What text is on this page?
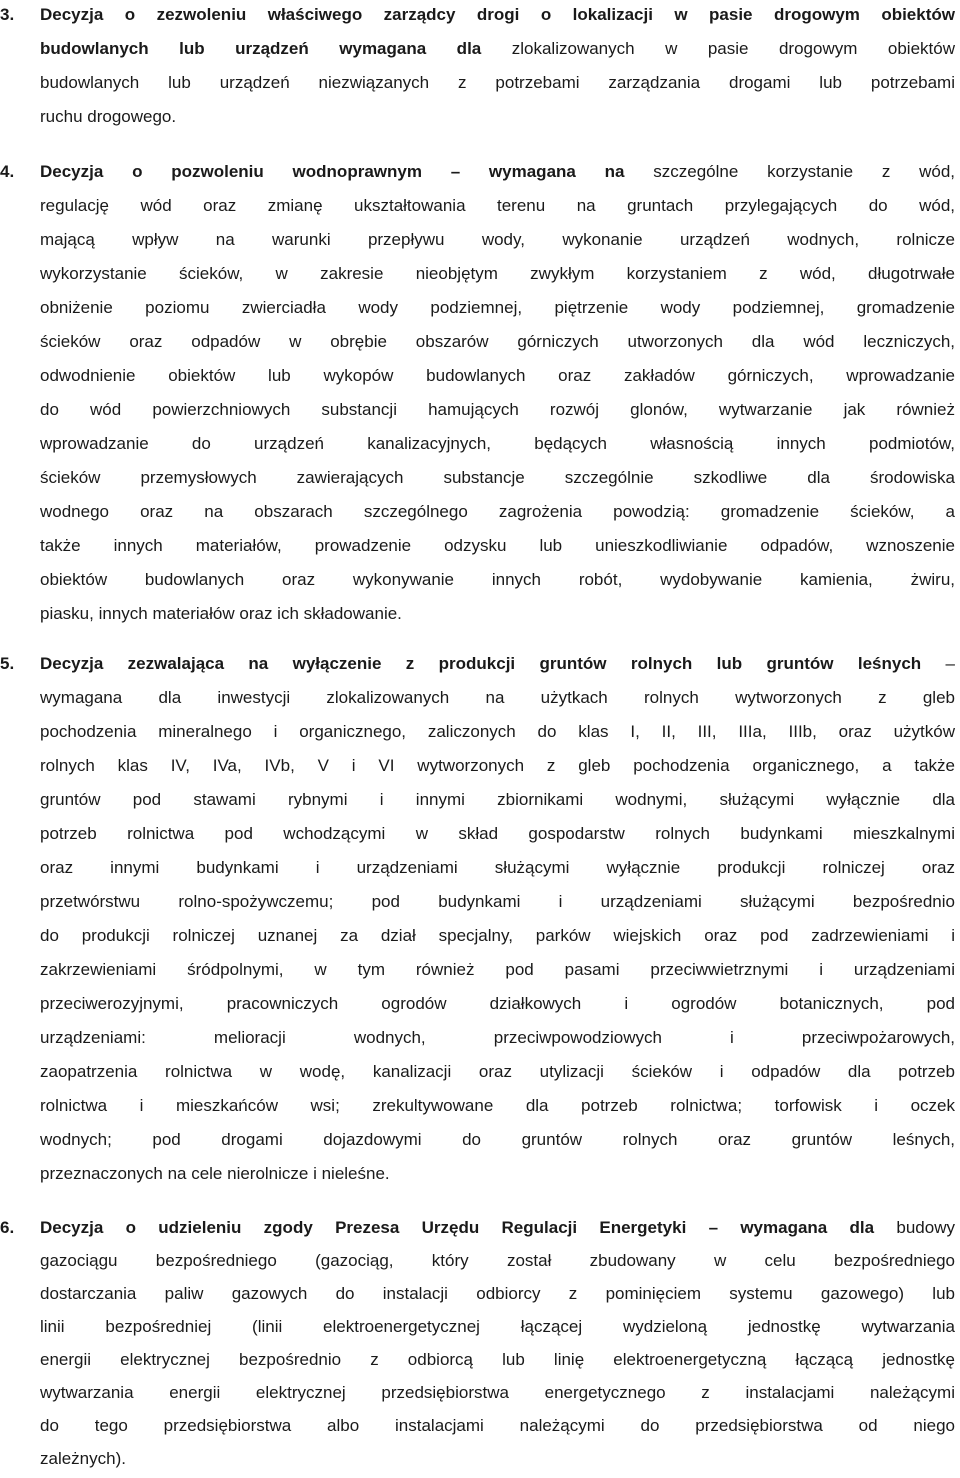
3. Decyzja o zezwoleniu właściwego zarządcy drogi o lokalizacji w pasie drogowym obiektów
budowlanych lub urządzeń wymagana dla zlokalizowanych w pasie drogowym obiektów
budowlanych lub urządzeń niezwiązanych z potrzebami zarządzania drogami lub potrzebami
ruchu drogowego.
4. Decyzja o pozwoleniu wodnoprawnym – wymagana na szczególne korzystanie z wód,
regulację wód oraz zmianę ukształtowania terenu na gruntach przylegających do wód,
mającą wpływ na warunki przepływu wody, wykonanie urządzeń wodnych, rolnicze
wykorzystanie ścieków, w zakresie nieobjętym zwykłym korzystaniem z wód, długotrwałe
obniżenie poziomu zwierciadła wody podziemnej, piętrzenie wody podziemnej, gromadzenie
ścieków oraz odpadów w obrębie obszarów górniczych utworzonych dla wód leczniczych,
odwodnienie obiektów lub wykopów budowlanych oraz zakładów górniczych, wprowadzanie
do wód powierzchniowych substancji hamujących rozwój glonów, wytwarzanie jak również
wprowadzanie do urządzeń kanalizacyjnych, będących własnością innych podmiotów,
ścieków przemysłowych zawierających substancje szczególnie szkodliwe dla środowiska
wodnego oraz na obszarach szczególnego zagrożenia powodzią: gromadzenie ścieków, a
także innych materiałów, prowadzenie odzysku lub unieszkodliwianie odpadów, wznoszenie
obiektów budowlanych oraz wykonywanie innych robót, wydobywanie kamienia, żwiru,
piasku, innych materiałów oraz ich składowanie.
5. Decyzja zezwalająca na wyłączenie z produkcji gruntów rolnych lub gruntów leśnych –
wymagana dla inwestycji zlokalizowanych na użytkach rolnych wytworzonych z gleb
pochodzenia mineralnego i organicznego, zaliczonych do klas I, II, III, IIIa, IIIb, oraz użytków
rolnych klas IV, IVa, IVb, V i VI wytworzonych z gleb pochodzenia organicznego, a także
gruntów pod stawami rybnymi i innymi zbiornikami wodnymi, służącymi wyłącznie dla
potrzeb rolnictwa pod wchodzącymi w skład gospodarstw rolnych budynkami mieszkalnymi
oraz innymi budynkami i urządzeniami służącymi wyłącznie produkcji rolniczej oraz
przetwórstwu rolno-spożywczemu; pod budynkami i urządzeniami służącymi bezpośrednio
do produkcji rolniczej uznanej za dział specjalny, parków wiejskich oraz pod zadrzewieniami i
zakrzewieniami śródpolnymi, w tym również pod pasami przeciwwietrznymi i urządzeniami
przeciwerozyjnymi, pracowniczych ogrodów działkowych i ogrodów botanicznych, pod
urządzeniami: melioracji wodnych, przeciwpowodziowych i przeciwpożarowych,
zaopatrzenia rolnictwa w wodę, kanalizacji oraz utylizacji ścieków i odpadów dla potrzeb
rolnictwa i mieszkańców wsi; zrekultywowane dla potrzeb rolnictwa; torfowisk i oczek
wodnych; pod drogami dojazdowymi do gruntów rolnych oraz gruntów leśnych,
przeznaczonych na cele nierolnicze i nieleśne.
6. Decyzja o udzieleniu zgody Prezesa Urzędu Regulacji Energetyki – wymagana dla budowy
gazociągu bezpośredniego (gazociąg, który został zbudowany w celu bezpośredniego
dostarczania paliw gazowych do instalacji odbiorcy z pominięciem systemu gazowego) lub
linii bezpośredniej (linii elektroenergetycznej łączącej wydzieloną jednostkę wytwarzania
energii elektrycznej bezpośrednio z odbiorcą lub linię elektroenergetyczną łączącą jednostkę
wytwarzania energii elektrycznej przedsiębiorstwa energetycznego z instalacjami należącymi
do tego przedsiębiorstwa albo instalacjami należącymi do przedsiębiorstwa od niego
zależnych).
